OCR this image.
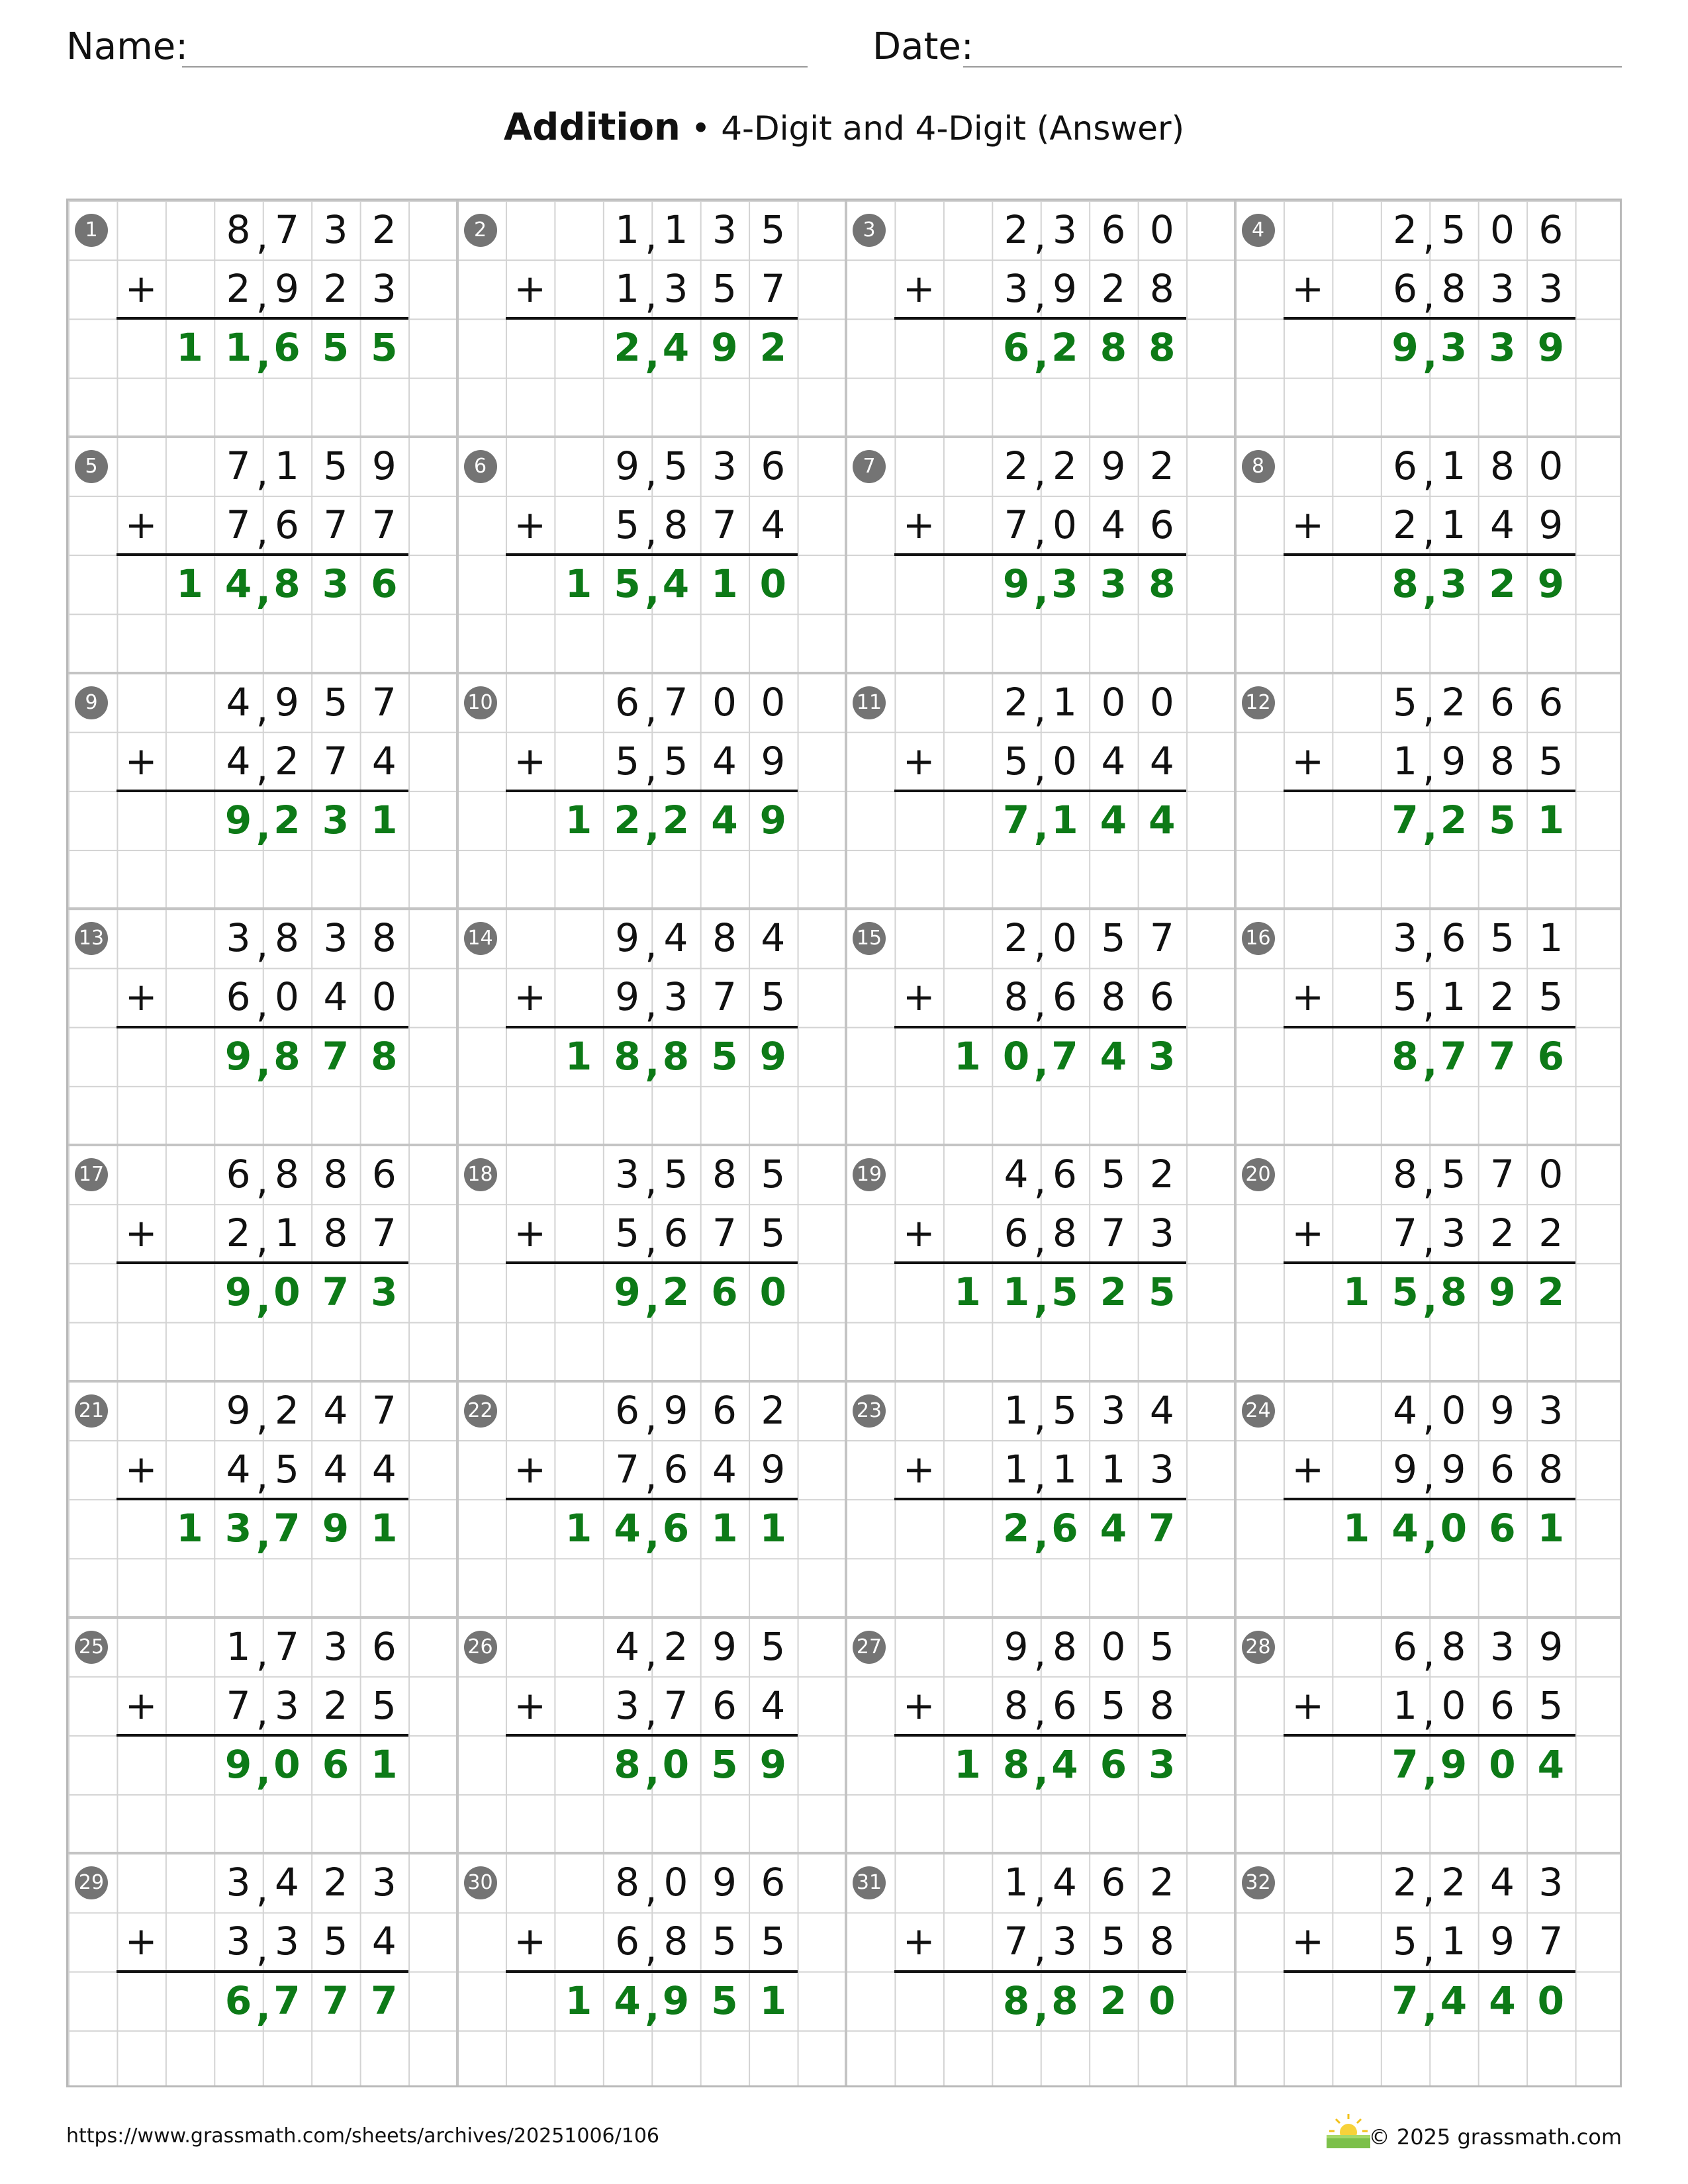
Name:	Date:
Addition • 4-Digit and 4-Digit (Answer)
1	8 , 7 3 2
+	2 , 9 2 3
1 1 , 6 5 5
2	1 , 1 3 5
+	1 , 3 5 7
2 , 4 9 2
3	2 , 3 6 0
+	3 , 9 2 8
6 , 2 8 8
4	2 , 5 0 6
+	6 , 8 3 3
9 , 3 3 9
5	7 , 1 5 9
+	7 , 6 7 7
1 4 , 8 3 6
6	9 , 5 3 6
+	5 , 8 7 4
1 5 , 4 1 0
7	2 , 2 9 2
+	7 , 0 4 6
9 , 3 3 8
8	6 , 1 8 0
+	2 , 1 4 9
8 , 3 2 9
9	4 , 9 5 7
+	4 , 2 7 4
9 , 2 3 1
10	6 , 7 0 0
+	5 , 5 4 9
1 2 , 2 4 9
11	2 , 1 0 0
+	5 , 0 4 4
7 , 1 4 4
12	5 , 2 6 6
+	1 , 9 8 5
7 , 2 5 1
13	3 , 8 3 8
+	6 , 0 4 0
9 , 8 7 8
14	9 , 4 8 4
+	9 , 3 7 5
1 8 , 8 5 9
15	2 , 0 5 7
+	8 , 6 8 6
1 0 , 7 4 3
16	3 , 6 5 1
+	5 , 1 2 5
8 , 7 7 6
17	6 , 8 8 6
+	2 , 1 8 7
9 , 0 7 3
18	3 , 5 8 5
+	5 , 6 7 5
9 , 2 6 0
19	4 , 6 5 2
+	6 , 8 7 3
1 1 , 5 2 5
20	8 , 5 7 0
+	7 , 3 2 2
1 5 , 8 9 2
21	9 , 2 4 7
+	4 , 5 4 4
1 3 , 7 9 1
22	6 , 9 6 2
+	7 , 6 4 9
1 4 , 6 1 1
23	1 , 5 3 4
+	1 , 1 1 3
2 , 6 4 7
24	4 , 0 9 3
+	9 , 9 6 8
1 4 , 0 6 1
25	1 , 7 3 6
+	7 , 3 2 5
9 , 0 6 1
26	4 , 2 9 5
+	3 , 7 6 4
8 , 0 5 9
27	9 , 8 0 5
+	8 , 6 5 8
1 8 , 4 6 3
28	6 , 8 3 9
+	1 , 0 6 5
7 , 9 0 4
29	3 , 4 2 3
+	3 , 3 5 4
6 , 7 7 7
30	8 , 0 9 6
+	6 , 8 5 5
1 4 , 9 5 1
31	1 , 4 6 2
+	7 , 3 5 8
8 , 8 2 0
32	2 , 2 4 3
+	5 , 1 9 7
7 , 4 4 0
https://www.grassmath.com/sheets/archives/20251006/106	© 2025 grassmath.com
